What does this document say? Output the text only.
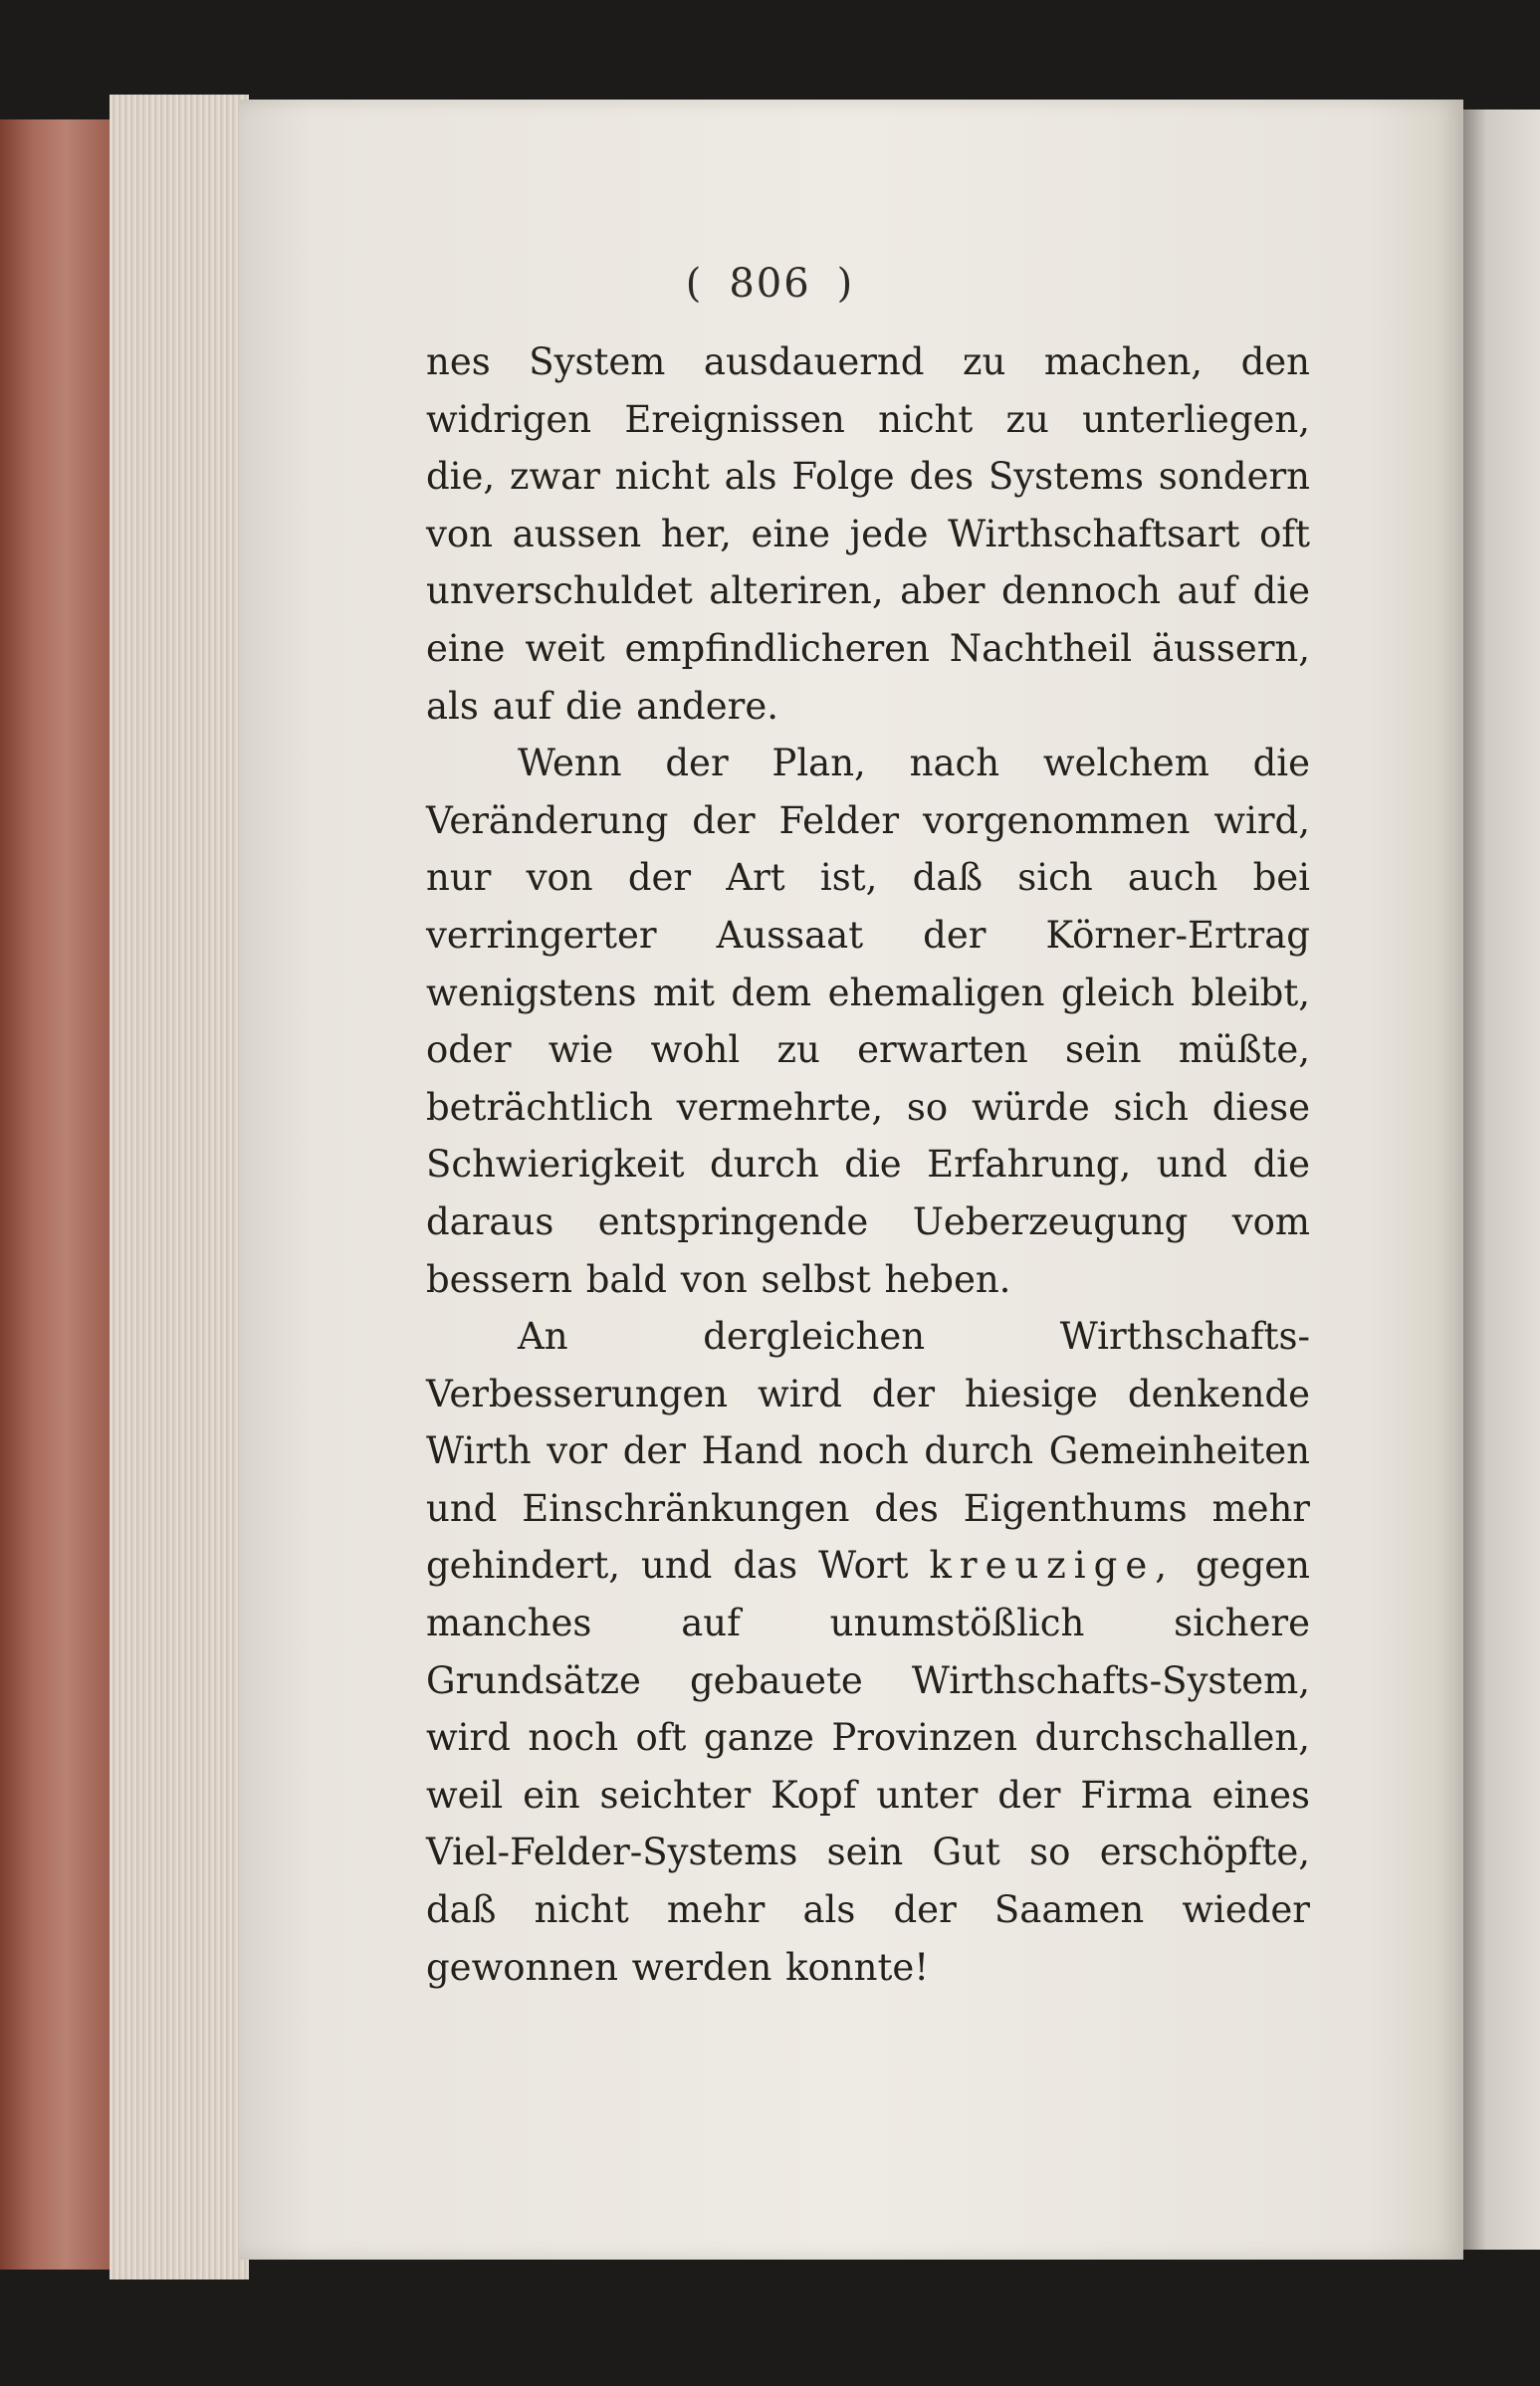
( 806 )

nes System ausdauernd zu machen, den widrigen Ereignissen nicht zu unterliegen, die, zwar nicht als Folge des Systems sondern von aussen her, eine jede Wirthschaftsart oft unverschuldet alteriren, aber dennoch auf die eine weit empfindlicheren Nachtheil äussern, als auf die andere.

Wenn der Plan, nach welchem die Veränderung der Felder vorgenommen wird, nur von der Art ist, daß sich auch bei verringerter Aussaat der Körner-Ertrag wenigstens mit dem ehemaligen gleich bleibt, oder wie wohl zu erwarten sein müßte, beträchtlich vermehrte, so würde sich diese Schwierigkeit durch die Erfahrung, und die daraus entspringende Ueberzeugung vom bessern bald von selbst heben.

An dergleichen Wirthschafts-Verbesserungen wird der hiesige denkende Wirth vor der Hand noch durch Gemeinheiten und Einschränkungen des Eigenthums mehr gehindert, und das Wort kreuzige, gegen manches auf unumstößlich sichere Grundsätze gebauete Wirthschafts-System, wird noch oft ganze Provinzen durchschallen, weil ein seichter Kopf unter der Firma eines Viel-Felder-Systems sein Gut so erschöpfte, daß nicht mehr als der Saamen wieder gewonnen werden konnte!
